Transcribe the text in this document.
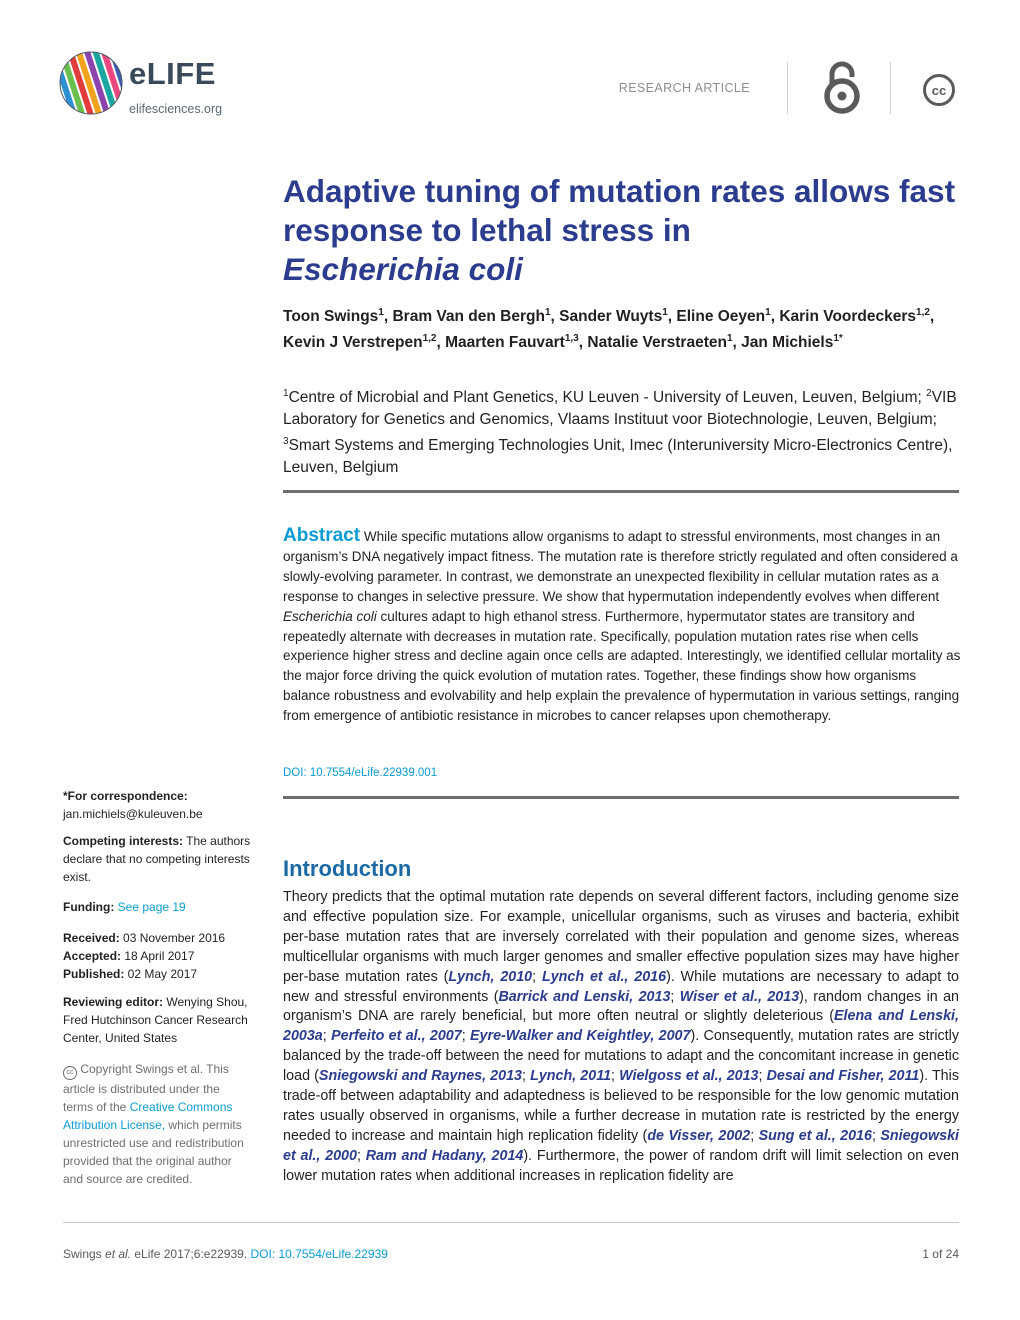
eLIFE
elifesciences.org
RESEARCH ARTICLE	cc
Adaptive tuning of mutation rates allows fast response to lethal stress in
Escherichia coli

Toon Swings$^1$, Bram Van den Bergh$^1$, Sander Wuyts$^1$, Eline Oeyen$^1$, Karin Voordeckers$^{1,2}$, Kevin J Verstrepen$^{1,2}$, Maarten Fauvart$^{1,3}$, Natalie Verstraeten$^1$, Jan Michiels$^{1*}$

$^1$Centre of Microbial and Plant Genetics, KU Leuven - University of Leuven, Leuven, Belgium; $^2$VIB Laboratory for Genetics and Genomics, Vlaams Instituut voor Biotechnologie, Leuven, Belgium; $^3$Smart Systems and Emerging Technologies Unit, Imec (Interuniversity Micro-Electronics Centre), Leuven, Belgium

Abstract While specific mutations allow organisms to adapt to stressful environments, most changes in an organism’s DNA negatively impact fitness. The mutation rate is therefore strictly regulated and often considered a slowly-evolving parameter. In contrast, we demonstrate an unexpected flexibility in cellular mutation rates as a response to changes in selective pressure. We show that hypermutation independently evolves when different Escherichia coli cultures adapt to high ethanol stress. Furthermore, hypermutator states are transitory and repeatedly alternate with decreases in mutation rate. Specifically, population mutation rates rise when cells experience higher stress and decline again once cells are adapted. Interestingly, we identified cellular mortality as the major force driving the quick evolution of mutation rates. Together, these findings show how organisms balance robustness and evolvability and help explain the prevalence of hypermutation in various settings, ranging from emergence of antibiotic resistance in microbes to cancer relapses upon chemotherapy.

DOI: 10.7554/eLife.22939.001

*For correspondence: jan.michiels@kuleuven.be

Competing interests: The authors declare that no competing interests exist.

Funding: See page 19

Received: 03 November 2016
Accepted: 18 April 2017
Published: 02 May 2017

Reviewing editor: Wenying Shou, Fred Hutchinson Cancer Research Center, United States

cc Copyright Swings et al. This article is distributed under the terms of the Creative Commons Attribution License, which permits unrestricted use and redistribution provided that the original author and source are credited.

Introduction

Theory predicts that the optimal mutation rate depends on several different factors, including genome size and effective population size. For example, unicellular organisms, such as viruses and bacteria, exhibit per-base mutation rates that are inversely correlated with their population and genome sizes, whereas multicellular organisms with much larger genomes and smaller effective population sizes may have higher per-base mutation rates (Lynch, 2010; Lynch et al., 2016). While mutations are necessary to adapt to new and stressful environments (Barrick and Lenski, 2013; Wiser et al., 2013), random changes in an organism’s DNA are rarely beneficial, but more often neutral or slightly deleterious (Elena and Lenski, 2003a; Perfeito et al., 2007; Eyre-Walker and Keightley, 2007). Consequently, mutation rates are strictly balanced by the trade-off between the need for mutations to adapt and the concomitant increase in genetic load (Sniegowski and Raynes, 2013; Lynch, 2011; Wielgoss et al., 2013; Desai and Fisher, 2011). This trade-off between adaptability and adaptedness is believed to be responsible for the low genomic mutation rates usually observed in organisms, while a further decrease in mutation rate is restricted by the energy needed to increase and maintain high replication fidelity (de Visser, 2002; Sung et al., 2016; Sniegowski et al., 2000; Ram and Hadany, 2014). Furthermore, the power of random drift will limit selection on even lower mutation rates when additional increases in replication fidelity are

Swings et al. eLife 2017;6:e22939. DOI: 10.7554/eLife.22939	1 of 24
